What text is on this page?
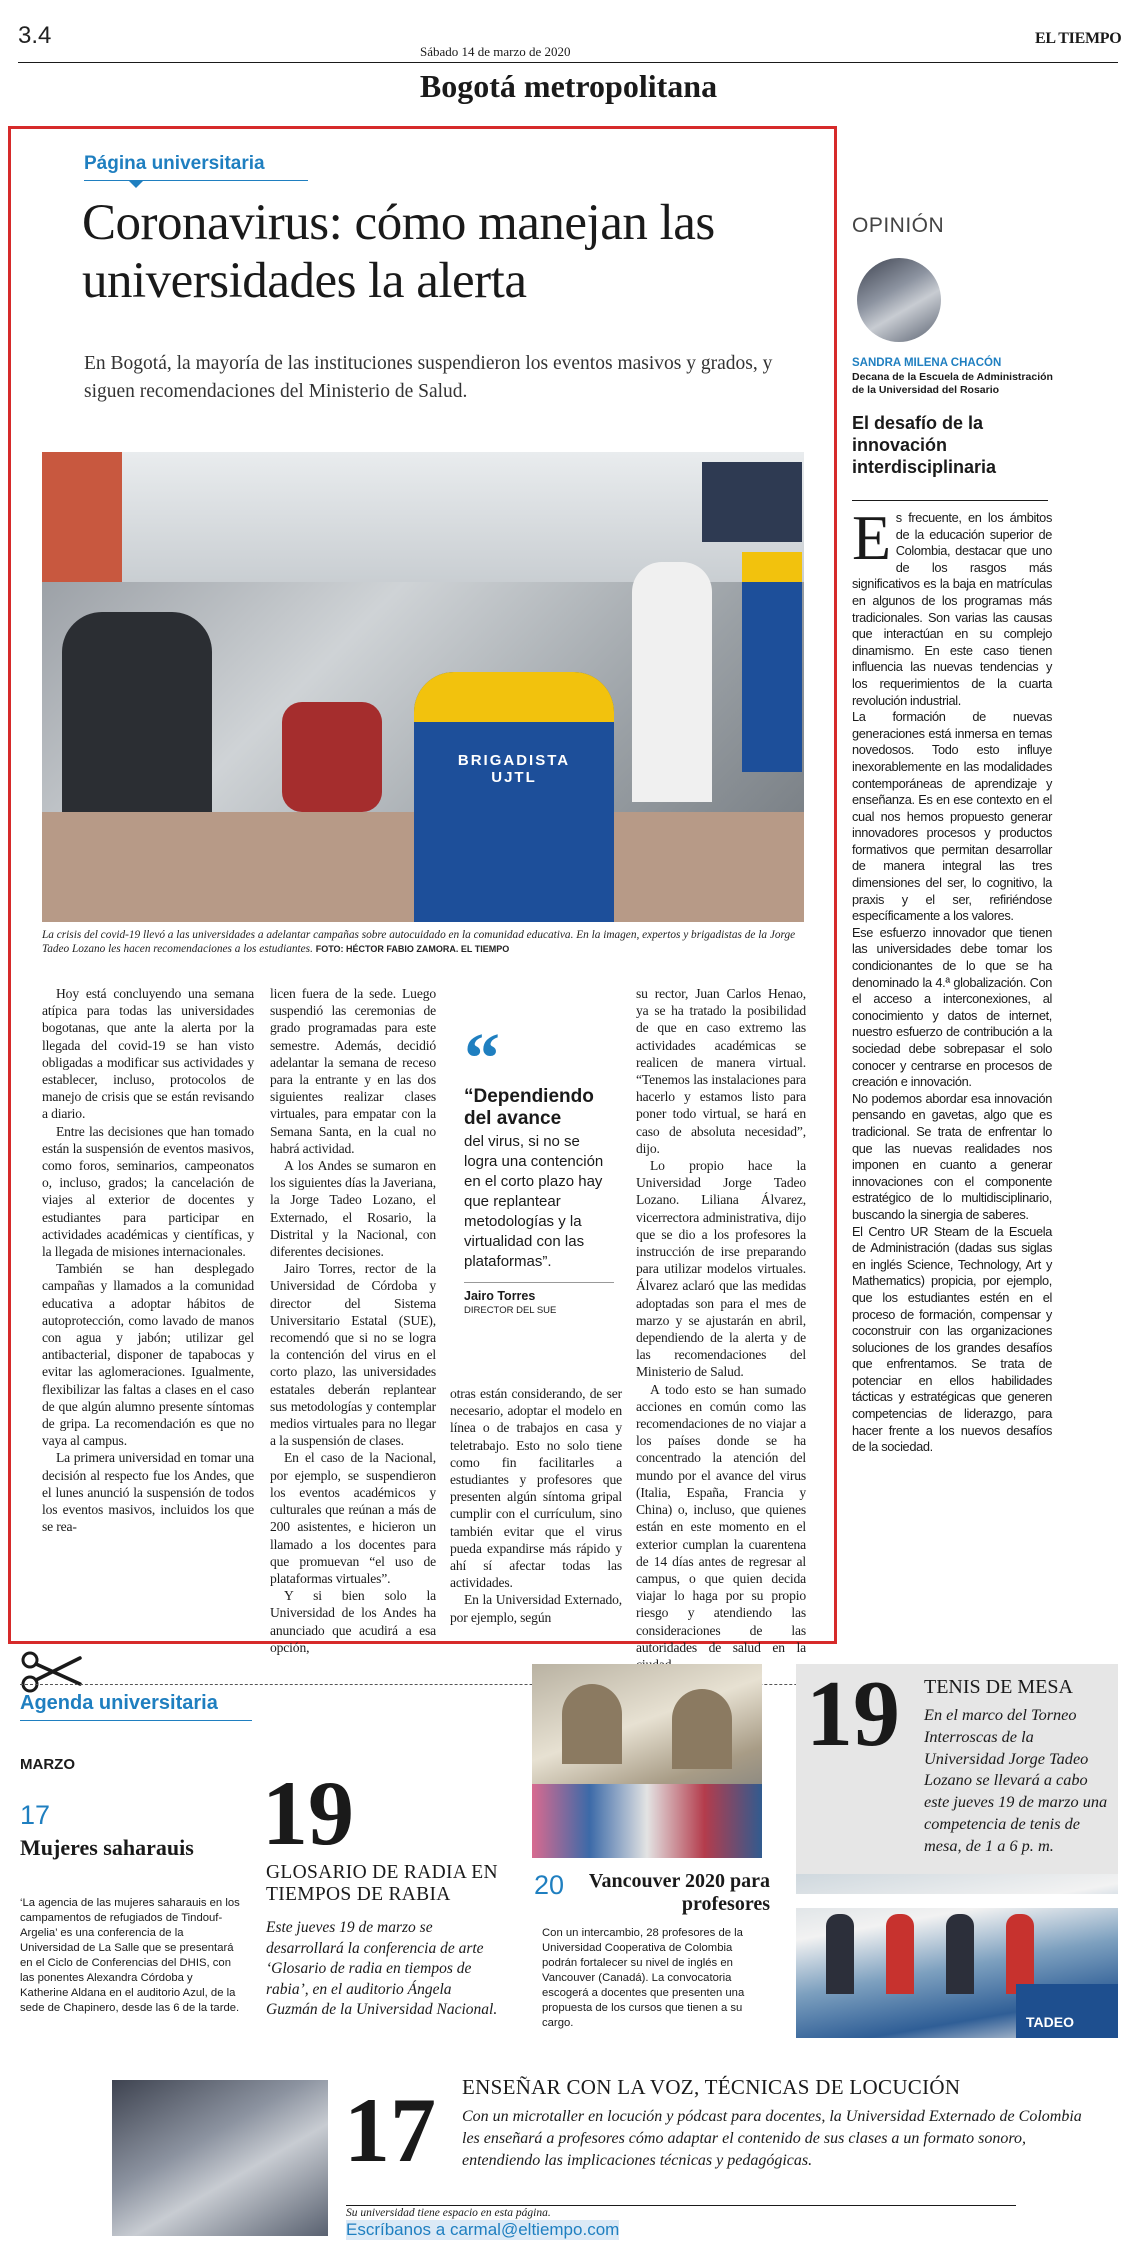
3.4
Sábado 14 de marzo de 2020
EL TIEMPO
Bogotá metropolitana
Página universitaria
Coronavirus: cómo manejan las universidades la alerta
En Bogotá, la mayoría de las instituciones suspendieron los eventos masivos y grados, y siguen recomendaciones del Ministerio de Salud.
BRIGADISTA UJTL
La crisis del covid-19 llevó a las universidades a adelantar campañas sobre autocuidado en la comunidad educativa. En la imagen, expertos y brigadistas de la Jorge Tadeo Lozano les hacen recomendaciones a los estudiantes. FOTO: HÉCTOR FABIO ZAMORA. EL TIEMPO

Hoy está concluyendo una semana atípica para todas las universidades bogotanas, que ante la alerta por la llegada del covid-19 se han visto obligadas a modificar sus actividades y establecer, incluso, protocolos de manejo de crisis que se están revisando a diario.

Entre las decisiones que han tomado están la suspensión de eventos masivos, como foros, seminarios, campeonatos o, incluso, grados; la cancelación de viajes al exterior de docentes y estudiantes para participar en actividades académicas y científicas, y la llegada de misiones internacionales.

También se han desplegado campañas y llamados a la comunidad educativa a adoptar hábitos de autoprotección, como lavado de manos con agua y jabón; utilizar gel antibacterial, disponer de tapabocas y evitar las aglomeraciones. Igualmente, flexibilizar las faltas a clases en el caso de que algún alumno presente síntomas de gripa. La recomendación es que no vaya al campus.

La primera universidad en tomar una decisión al respecto fue los Andes, que el lunes anunció la suspensión de todos los eventos masivos, incluidos los que se rea-

licen fuera de la sede. Luego suspendió las ceremonias de grado programadas para este semestre. Además, decidió adelantar la semana de receso para la entrante y en las dos siguientes realizar clases virtuales, para empatar con la Semana Santa, en la cual no habrá actividad.

A los Andes se sumaron en los siguientes días la Javeriana, la Jorge Tadeo Lozano, el Externado, el Rosario, la Distrital y la Nacional, con diferentes decisiones.

Jairo Torres, rector de la Universidad de Córdoba y director del Sistema Universitario Estatal (SUE), recomendó que si no se logra la contención del virus en el corto plazo, las universidades estatales deberán replantear sus metodologías y contemplar medios virtuales para no llegar a la suspensión de clases.

En el caso de la Nacional, por ejemplo, se suspendieron los eventos académicos y culturales que reúnan a más de 200 asistentes, e hicieron un llamado a los docentes para que promuevan “el uso de plataformas virtuales”.

Y si bien solo la Universidad de los Andes ha anunciado que acudirá a esa opción,

“
“Dependiendo del avance
del virus, si no se logra una contención en el corto plazo hay que replantear metodologías y la virtualidad con las plataformas”.
Jairo Torres
DIRECTOR DEL SUE

otras están considerando, de ser necesario, adoptar el modelo en línea o de trabajos en casa y teletrabajo. Esto no solo tiene como fin facilitarles a estudiantes y profesores que presenten algún síntoma gripal cumplir con el currículum, sino también evitar que el virus pueda expandirse más rápido y ahí sí afectar todas las actividades.

En la Universidad Externado, por ejemplo, según

su rector, Juan Carlos Henao, ya se ha tratado la posibilidad de que en caso extremo las actividades académicas se realicen de manera virtual. “Tenemos las instalaciones para hacerlo y estamos listo para poner todo virtual, se hará en caso de absoluta necesidad”, dijo.

Lo propio hace la Universidad Jorge Tadeo Lozano. Liliana Álvarez, vicerrectora administrativa, dijo que se dio a los profesores la instrucción de irse preparando para utilizar modelos virtuales. Álvarez aclaró que las medidas adoptadas son para el mes de marzo y se ajustarán en abril, dependiendo de la alerta y de las recomendaciones del Ministerio de Salud.

A todo esto se han sumado acciones en común como las recomendaciones de no viajar a los países donde se ha concentrado la atención del mundo por el avance del virus (Italia, España, Francia y China) o, incluso, que quienes están en este momento en el exterior cumplan la cuarentena de 14 días antes de regresar al campus, o que quien decida viajar lo haga por su propio riesgo y atendiendo las consideraciones de las autoridades de salud en la

OPINIÓN
SANDRA MILENA CHACÓN
Decana de la Escuela de Administración de la Universidad del Rosario
El desafío de la innovación interdisciplinaria

Es frecuente, en los ámbitos de la educación superior de Colombia, destacar que uno de los rasgos más significativos es la baja en matrículas en algunos de los programas más tradicionales. Son varias las causas que interactúan en su complejo dinamismo. En este caso tienen influencia las nuevas tendencias y los requerimientos de la cuarta revolución industrial.

La formación de nuevas generaciones está inmersa en temas novedosos. Todo esto influye inexorablemente en las modalidades contemporáneas de aprendizaje y enseñanza. Es en ese contexto en el cual nos hemos propuesto generar innovadores procesos y productos formativos que permitan desarrollar de manera integral las tres dimensiones del ser, lo cognitivo, la praxis y el ser, refiriéndose específicamente a los valores.

Ese esfuerzo innovador que tienen las universidades debe tomar los condicionantes de lo que se ha denominado la 4.ª globalización. Con el acceso a interconexiones, al conocimiento y datos de internet, nuestro esfuerzo de contribución a la sociedad debe sobrepasar el solo conocer y centrarse en procesos de creación e innovación.

No podemos abordar esa innovación pensando en gavetas, algo que es tradicional. Se trata de enfrentar lo que las nuevas realidades nos imponen en cuanto a generar innovaciones con el componente estratégico de lo multidisciplinario, buscando la sinergia de saberes.

El Centro UR Steam de la Escuela de Administración (dadas sus siglas en inglés Science, Technology, Art y Mathematics) propicia, por ejemplo, que los estudiantes estén en el proceso de formación, compensar y coconstruir con las organizaciones soluciones de los grandes desafíos que enfrentamos. Se trata de potenciar en ellos habilidades tácticas y estratégicas que generen competencias de liderazgo, para hacer frente a los nuevos desafíos de la sociedad.

Agenda universitaria
MARZO
17
Mujeres saharauis
‘La agencia de las mujeres saharauis en los campamentos de refugiados de Tindouf-Argelia’ es una conferencia de la Universidad de La Salle que se presentará en el Ciclo de Conferencias del DHIS, con las ponentes Alexandra Córdoba y Katherine Aldana en el auditorio Azul, de la sede de Chapinero, desde las 6 de la tarde.
19
GLOSARIO DE RADIA EN TIEMPOS DE RABIA
Este jueves 19 de marzo se desarrollará la conferencia de arte ‘Glosario de radia en tiempos de rabia’, en el auditorio Ángela Guzmán de la Universidad Nacional.
20	Vancouver 2020 para profesores
Con un intercambio, 28 profesores de la Universidad Cooperativa de Colombia podrán fortalecer su nivel de inglés en Vancouver (Canadá). La convocatoria escogerá a docentes que presenten una propuesta de los cursos que tienen a su cargo.
19 TENIS DE MESA
En el marco del Torneo Interroscas de la Universidad Jorge Tadeo Lozano se llevará a cabo este jueves 19 de marzo una competencia de tenis de mesa, de 1 a 6 p. m.
TADEO
17 ENSEÑAR CON LA VOZ, TÉCNICAS DE LOCUCIÓN
Con un microtaller en locución y pódcast para docentes, la Universidad Externado de Colombia les enseñará a profesores cómo adaptar el contenido de sus clases a un formato sonoro, entendiendo las implicaciones técnicas y pedagógicas.
Su universidad tiene espacio en esta página.
Escríbanos a carmal@eltiempo.com
